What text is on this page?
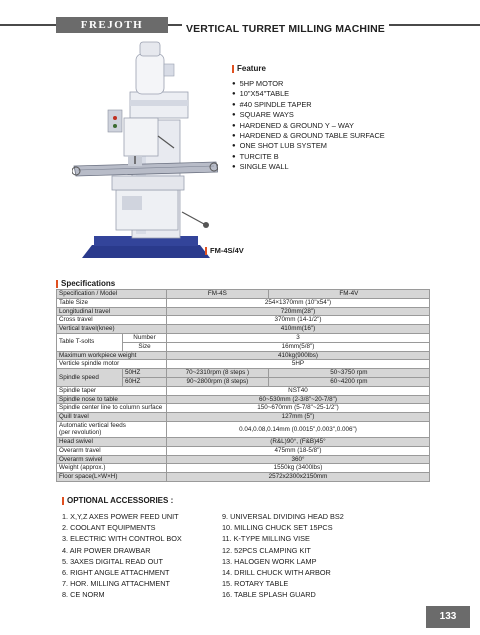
FREJOTH	VERTICAL TURRET MILLING MACHINE
Feature
● 5HP MOTOR
● 10"X54"TABLE
● #40 SPINDLE TAPER
● SQUARE WAYS
● HARDENED & GROUND Y – WAY
● HARDENED & GROUND TABLE SURFACE
● ONE SHOT LUB SYSTEM
● TURCITE B
● SINGLE WALL
FM-4S/4V
Specifications
Specification / Model		FM-4S	FM-4V
Table Size		254×1370mm (10"x54")	
Longitudinal travel		720mm(28")	
Cross travel		370mm (14-1/2")	
Vertical travel(knee)		410mm(16")	
Table T-solts	Number	3	
	Size	16mm(5/8")	
Maximum workpiece weight		410kg(900lbs)	
Verticle spindle motor		5HP	
Spindle speed	50HZ	70~2310rpm (8 steps )	50~3750 rpm
	60HZ	90~2800rpm (8 steps)	60~4200 rpm
Spindle taper		NST40	
Spindle nose to table		60~530mm (2-3/8"~20-7/8")	
Spindle center line to column surface		150~670mm (5-7/8"~25-1/2")	
Quill travel		127mm (5")	

Automatic vertical feeds
(per revolution)		0.04,0.08,0.14mm (0.0015",0.003",0.006")	
Head swivel		(R&L)90°, (F&B)45°	
Overarm travel		475mm (18-5/8")	
Overarm swivel		360°	
Weight (approx.)		1550kg (3400lbs)	
Floor space(L×W×H)		2572x2300x2150mm	
OPTIONAL ACCESSORIES :
1. X,Y,Z AXES POWER FEED UNIT
2. COOLANT EQUIPMENTS
3. ELECTRIC WITH CONTROL BOX
4. AIR POWER DRAWBAR
5. 3AXES DIGITAL READ OUT
6. RIGHT ANGLE ATTACHMENT
7. HOR. MILLING ATTACHMENT
8. CE NORM
9. UNIVERSAL DIVIDING HEAD BS2
10. MILLING CHUCK SET 15PCS
11. K-TYPE MILLING VISE
12. 52PCS CLAMPING KIT
13. HALOGEN WORK LAMP
14. DRILL CHUCK WITH ARBOR
15. ROTARY TABLE
16. TABLE SPLASH GUARD
133
